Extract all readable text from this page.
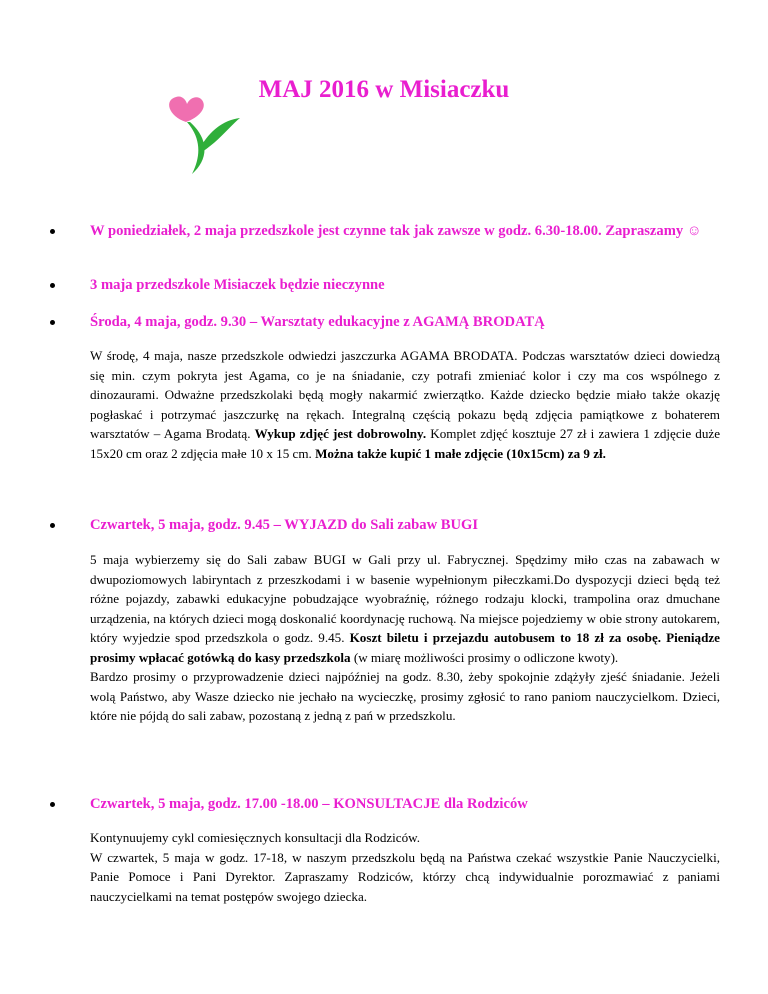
MAJ 2016 w Misiaczku
W poniedziałek, 2 maja przedszkole jest czynne tak jak zawsze w godz. 6.30-18.00. Zapraszamy ☺
3 maja przedszkole Misiaczek będzie nieczynne
Środa, 4 maja, godz. 9.30 – Warsztaty edukacyjne z AGAMĄ BRODATĄ

W środę, 4 maja, nasze przedszkole odwiedzi jaszczurka AGAMA BRODATA. Podczas warsztatów dzieci dowiedzą się min. czym pokryta jest Agama, co je na śniadanie, czy potrafi zmieniać kolor i czy ma cos wspólnego z dinozaurami. Odważne przedszkolaki będą mogły nakarmić zwierzątko. Każde dziecko będzie miało także okazję pogłaskać i potrzymać jaszczurkę na rękach. Integralną częścią pokazu będą zdjęcia pamiątkowe z bohaterem warsztatów – Agama Brodatą. Wykup zdjęć jest dobrowolny. Komplet zdjęć kosztuje 27 zł i zawiera 1 zdjęcie duże 15x20 cm oraz 2 zdjęcia małe 10 x 15 cm. Można także kupić 1 małe zdjęcie (10x15cm) za 9 zł.

Czwartek, 5 maja, godz. 9.45 – WYJAZD do Sali zabaw BUGI

5 maja wybierzemy się do Sali zabaw BUGI w Gali przy ul. Fabrycznej. Spędzimy miło czas na zabawach w dwupoziomowych labiryntach z przeszkodami i w basenie wypełnionym piłeczkami.Do dyspozycji dzieci będą też różne pojazdy, zabawki edukacyjne pobudzające wyobraźnię, różnego rodzaju klocki, trampolina oraz dmuchane urządzenia, na których dzieci mogą doskonalić koordynację ruchową. Na miejsce pojedziemy w obie strony autokarem, który wyjedzie spod przedszkola o godz. 9.45. Koszt biletu i przejazdu autobusem to 18 zł za osobę. Pieniądze prosimy wpłacać gotówką do kasy przedszkola (w miarę możliwości prosimy o odliczone kwoty).

Bardzo prosimy o przyprowadzenie dzieci najpóźniej na godz. 8.30, żeby spokojnie zdążyły zjeść śniadanie. Jeżeli wolą Państwo, aby Wasze dziecko nie jechało na wycieczkę, prosimy zgłosić to rano paniom nauczycielkom. Dzieci, które nie pójdą do sali zabaw, pozostaną z jedną z pań w przedszkolu.

Czwartek, 5 maja, godz. 17.00 -18.00 – KONSULTACJE dla Rodziców

Kontynuujemy cykl comiesięcznych konsultacji dla Rodziców.

W czwartek, 5 maja w godz. 17-18, w naszym przedszkolu będą na Państwa czekać wszystkie Panie Nauczycielki, Panie Pomoce i Pani Dyrektor. Zapraszamy Rodziców, którzy chcą indywidualnie porozmawiać z paniami nauczycielkami na temat postępów swojego dziecka.
